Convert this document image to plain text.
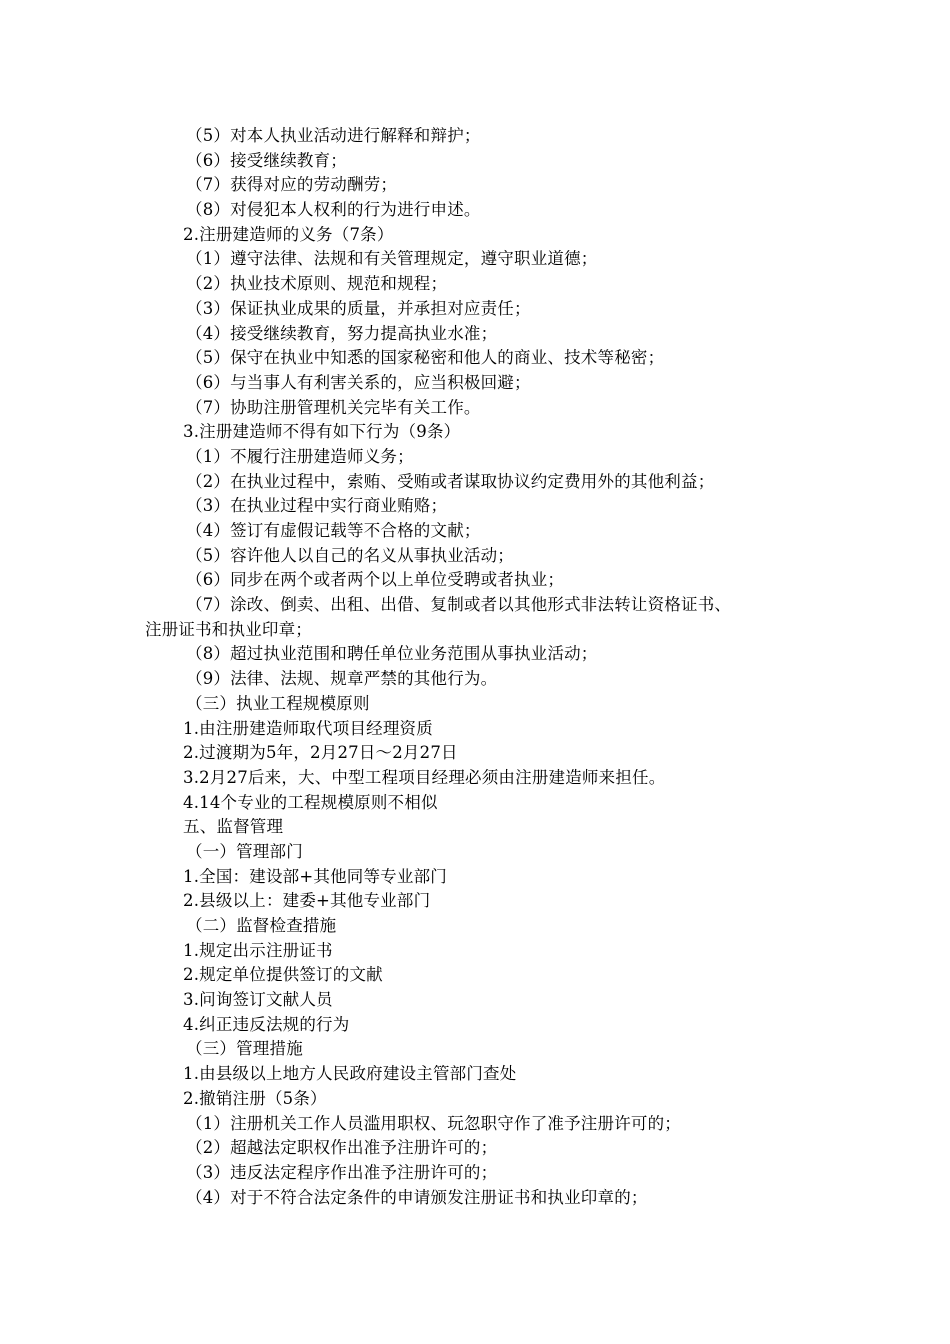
（5）对本人执业活动进行解释和辩护；
（6）接受继续教育；
（7）获得对应的劳动酬劳；
（8）对侵犯本人权利的行为进行申述。
2.注册建造师的义务（7条）
（1）遵守法律、法规和有关管理规定，遵守职业道德；
（2）执业技术原则、规范和规程；
（3）保证执业成果的质量，并承担对应责任；
（4）接受继续教育，努力提高执业水准；
（5）保守在执业中知悉的国家秘密和他人的商业、技术等秘密；
（6）与当事人有利害关系的，应当积极回避；
（7）协助注册管理机关完毕有关工作。
3.注册建造师不得有如下行为（9条）
（1）不履行注册建造师义务；
（2）在执业过程中，索贿、受贿或者谋取协议约定费用外的其他利益；
（3）在执业过程中实行商业贿赂；
（4）签订有虚假记载等不合格的文献；
（5）容许他人以自己的名义从事执业活动；
（6）同步在两个或者两个以上单位受聘或者执业；
（7）涂改、倒卖、出租、出借、复制或者以其他形式非法转让资格证书、
注册证书和执业印章；
（8）超过执业范围和聘任单位业务范围从事执业活动；
（9）法律、法规、规章严禁的其他行为。
（三）执业工程规模原则
1.由注册建造师取代项目经理资质
2.过渡期为5年，2月27日～2月27日
3.2月27后来，大、中型工程项目经理必须由注册建造师来担任。
4.14个专业的工程规模原则不相似
五、监督管理
（一）管理部门
1.全国：建设部+其他同等专业部门
2.县级以上：建委+其他专业部门
（二）监督检查措施
1.规定出示注册证书
2.规定单位提供签订的文献
3.问询签订文献人员
4.纠正违反法规的行为
（三）管理措施
1.由县级以上地方人民政府建设主管部门查处
2.撤销注册（5条）
（1）注册机关工作人员滥用职权、玩忽职守作了准予注册许可的；
（2）超越法定职权作出准予注册许可的；
（3）违反法定程序作出准予注册许可的；
（4）对于不符合法定条件的申请颁发注册证书和执业印章的；
